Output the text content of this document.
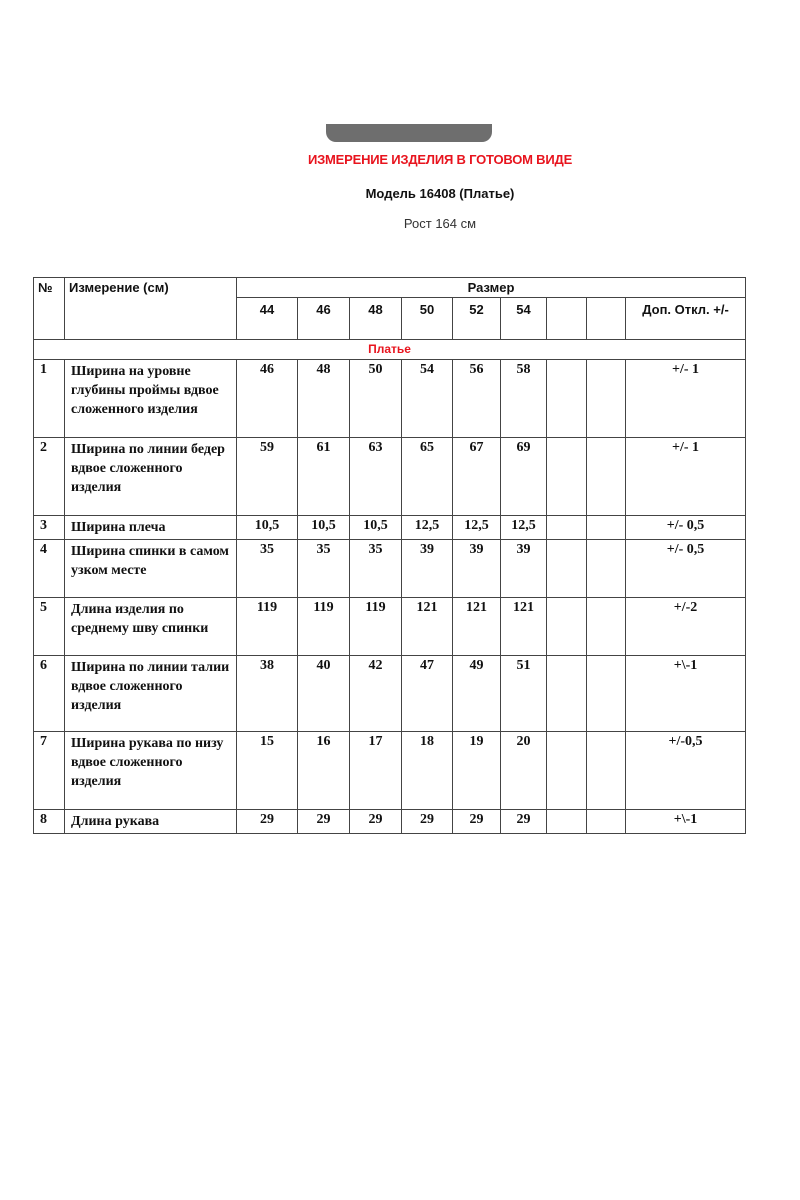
ИЗМЕРЕНИЕ ИЗДЕЛИЯ В ГОТОВОМ ВИДЕ
Модель 16408 (Платье)
Рост 164 см
№	Измерение (см)	Размер								
		44	46	48	50	52	54			Доп. Откл. +/-
Платье										
1	Ширина на уровне глубины проймы вдвое сложенного изделия	46	48	50	54	56	58			+/- 1
2	Ширина по линии бедер вдвое сложенного изделия	59	61	63	65	67	69			+/- 1
3	Ширина плеча	10,5	10,5	10,5	12,5	12,5	12,5			+/- 0,5
4	Ширина спинки в самом узком месте	35	35	35	39	39	39			+/- 0,5
5	Длина изделия по среднему шву спинки	119	119	119	121	121	121			+/-2
6	Ширина по линии талии вдвое сложенного изделия	38	40	42	47	49	51			+\-1
7	Ширина рукава по низу вдвое сложенного изделия	15	16	17	18	19	20			+/-0,5
8	Длина рукава	29	29	29	29	29	29			+\-1
